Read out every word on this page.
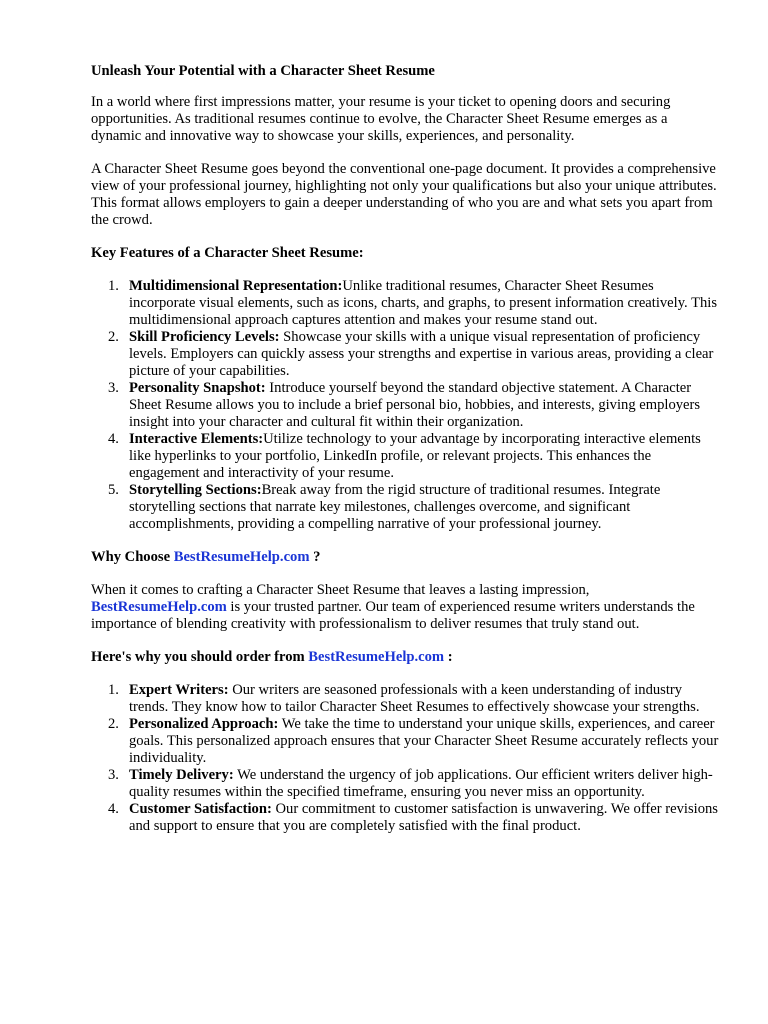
Unleash Your Potential with a Character Sheet Resume

In a world where first impressions matter, your resume is your ticket to opening doors and securing opportunities. As traditional resumes continue to evolve, the Character Sheet Resume emerges as a dynamic and innovative way to showcase your skills, experiences, and personality.

A Character Sheet Resume goes beyond the conventional one-page document. It provides a comprehensive view of your professional journey, highlighting not only your qualifications but also your unique attributes. This format allows employers to gain a deeper understanding of who you are and what sets you apart from the crowd.

Key Features of a Character Sheet Resume:
1. Multidimensional Representation:Unlike traditional resumes, Character Sheet Resumes incorporate visual elements, such as icons, charts, and graphs, to present information creatively. This multidimensional approach captures attention and makes your resume stand out.
2. Skill Proficiency Levels: Showcase your skills with a unique visual representation of proficiency levels. Employers can quickly assess your strengths and expertise in various areas, providing a clear picture of your capabilities.
3. Personality Snapshot: Introduce yourself beyond the standard objective statement. A Character Sheet Resume allows you to include a brief personal bio, hobbies, and interests, giving employers insight into your character and cultural fit within their organization.
4. Interactive Elements:Utilize technology to your advantage by incorporating interactive elements like hyperlinks to your portfolio, LinkedIn profile, or relevant projects. This enhances the engagement and interactivity of your resume.
5. Storytelling Sections:Break away from the rigid structure of traditional resumes. Integrate storytelling sections that narrate key milestones, challenges overcome, and significant accomplishments, providing a compelling narrative of your professional journey.
Why Choose BestResumeHelp.com ?

When it comes to crafting a Character Sheet Resume that leaves a lasting impression, BestResumeHelp.com is your trusted partner. Our team of experienced resume writers understands the importance of blending creativity with professionalism to deliver resumes that truly stand out.

Here's why you should order from BestResumeHelp.com :
1. Expert Writers: Our writers are seasoned professionals with a keen understanding of industry trends. They know how to tailor Character Sheet Resumes to effectively showcase your strengths.
2. Personalized Approach: We take the time to understand your unique skills, experiences, and career goals. This personalized approach ensures that your Character Sheet Resume accurately reflects your individuality.
3. Timely Delivery: We understand the urgency of job applications. Our efficient writers deliver high-quality resumes within the specified timeframe, ensuring you never miss an opportunity.
4. Customer Satisfaction: Our commitment to customer satisfaction is unwavering. We offer revisions and support to ensure that you are completely satisfied with the final product.
